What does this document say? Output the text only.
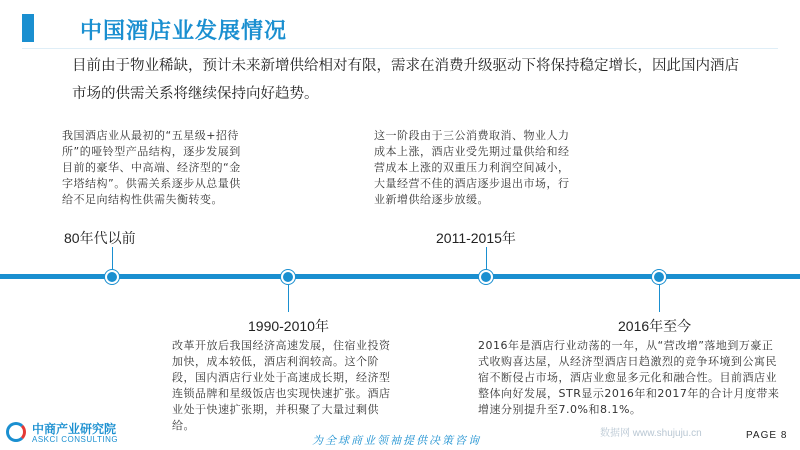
中国酒店业发展情况
目前由于物业稀缺，预计未来新增供给相对有限，需求在消费升级驱动下将保持稳定增长，因此国内酒店市场的供需关系将继续保持向好趋势。
我国酒店业从最初的“五星级+招待所”的哑铃型产品结构，逐步发展到目前的豪华、中高端、经济型的“金字塔结构”。供需关系逐步从总量供给不足向结构性供需失衡转变。
80年代以前
这一阶段由于三公消费取消、物业人力成本上涨，酒店业受先期过量供给和经营成本上涨的双重压力利润空间减小，大量经营不佳的酒店逐步退出市场，行业新增供给逐步放缓。
2011-2015年
1990-2010年
改革开放后我国经济高速发展，住宿业投资加快，成本较低，酒店利润较高。这个阶段，国内酒店行业处于高速成长期，经济型连锁品牌和星级饭店也实现快速扩张。酒店业处于快速扩张期，并积聚了大量过剩供给。
2016年至今
2016年是酒店行业动荡的一年，从“营改增”落地到万豪正式收购喜达屋，从经济型酒店日趋激烈的竞争环境到公寓民宿不断侵占市场，酒店业愈显多元化和融合性。目前酒店业整体向好发展，STR显示2016年和2017年的合计月度带来增速分别提升至7.0%和8.1%。
中商产业研究院
ASKCI CONSULTING	为全球商业领袖提供决策咨询
数据网 www.shujuju.cn	PAGE 8
